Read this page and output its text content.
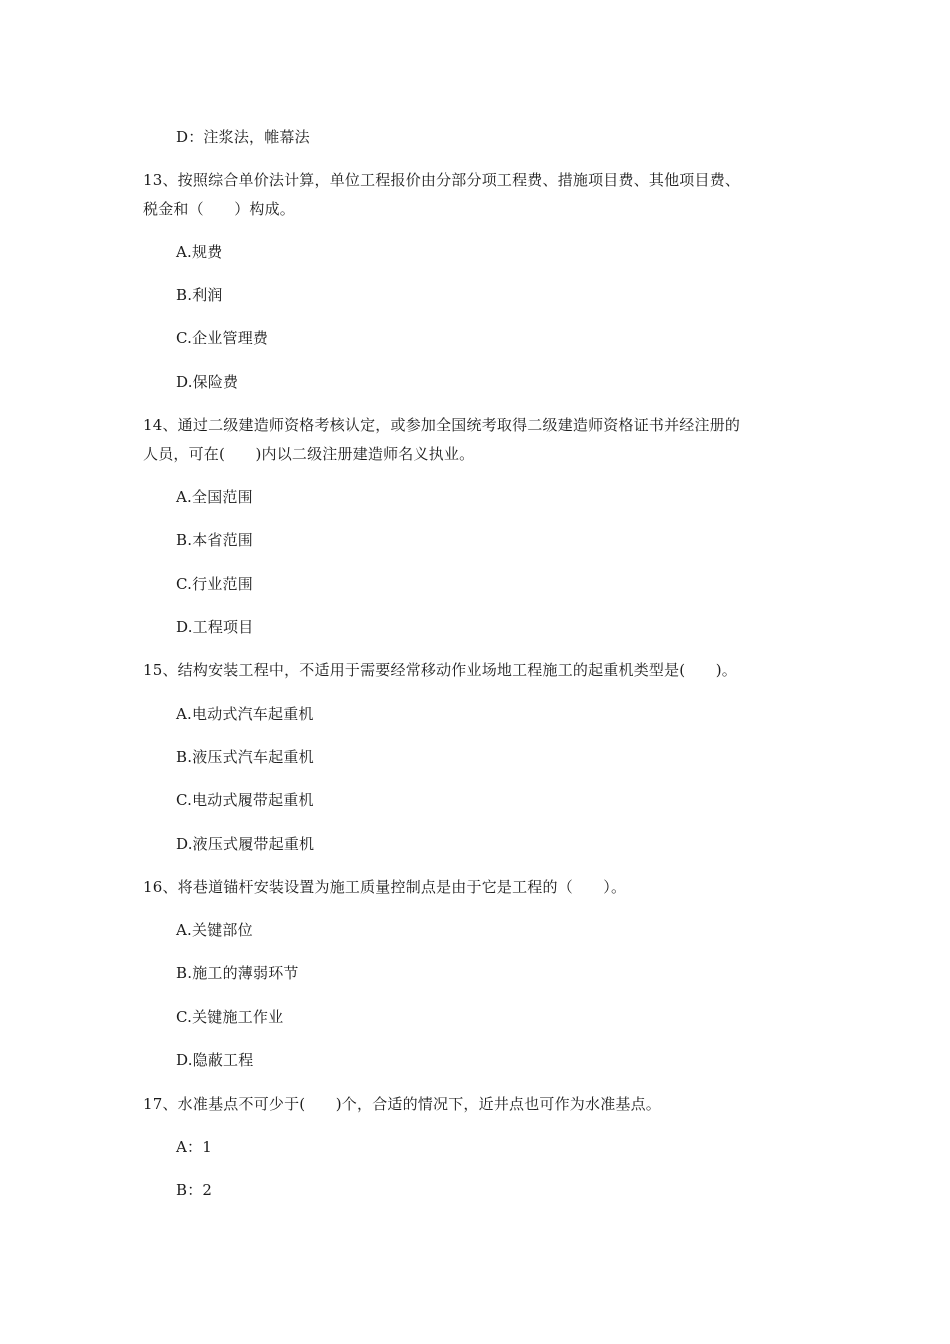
D：注浆法，帷幕法
13、按照综合单价法计算，单位工程报价由分部分项工程费、措施项目费、其他项目费、
税金和（　　）构成。
A.规费
B.利润
C.企业管理费
D.保险费
14、通过二级建造师资格考核认定，或参加全国统考取得二级建造师资格证书并经注册的
人员，可在(　　)内以二级注册建造师名义执业。
A.全国范围
B.本省范围
C.行业范围
D.工程项目
15、结构安装工程中，不适用于需要经常移动作业场地工程施工的起重机类型是(　　)。
A.电动式汽车起重机
B.液压式汽车起重机
C.电动式履带起重机
D.液压式履带起重机
16、将巷道锚杆安装设置为施工质量控制点是由于它是工程的（　　）。
A.关键部位
B.施工的薄弱环节
C.关键施工作业
D.隐蔽工程
17、水准基点不可少于(　　)个，合适的情况下，近井点也可作为水准基点。
A：1
B：2
